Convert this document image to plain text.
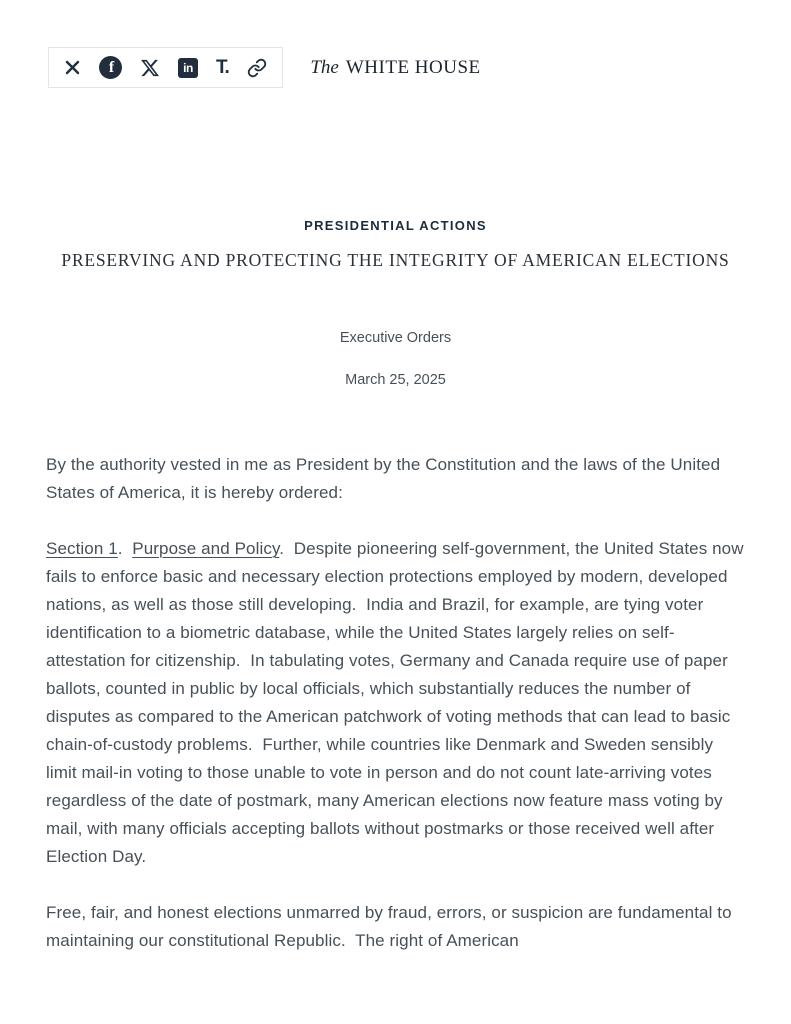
f	in T.	The WHITE HOUSE
PRESIDENTIAL ACTIONS
PRESERVING AND PROTECTING THE INTEGRITY OF AMERICAN ELECTIONS
Executive Orders
March 25, 2025

By the authority vested in me as President by the Constitution and the laws of the United States of America, it is hereby ordered:

Section 1.  Purpose and Policy.  Despite pioneering self-government, the United States now fails to enforce basic and necessary election protections employed by modern, developed nations, as well as those still developing.  India and Brazil, for example, are tying voter identification to a biometric database, while the United States largely relies on self-attestation for citizenship.  In tabulating votes, Germany and Canada require use of paper ballots, counted in public by local officials, which substantially reduces the number of disputes as compared to the American patchwork of voting methods that can lead to basic chain-of-custody problems.  Further, while countries like Denmark and Sweden sensibly limit mail-in voting to those unable to vote in person and do not count late-arriving votes regardless of the date of postmark, many American elections now feature mass voting by mail, with many officials accepting ballots without postmarks or those received well after Election Day.

Free, fair, and honest elections unmarred by fraud, errors, or suspicion are fundamental to maintaining our constitutional Republic.  The right of American
